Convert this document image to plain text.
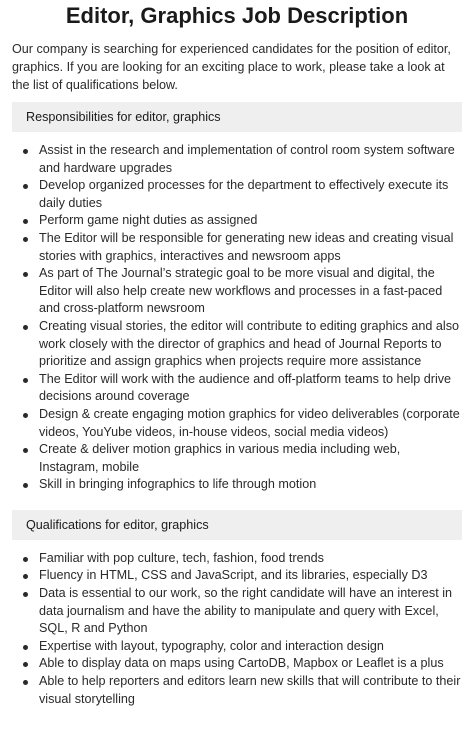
Editor, Graphics Job Description

Our company is searching for experienced candidates for the position of editor, graphics. If you are looking for an exciting place to work, please take a look at the list of qualifications below.

Responsibilities for editor, graphics
Assist in the research and implementation of control room system software and hardware upgrades
Develop organized processes for the department to effectively execute its daily duties
Perform game night duties as assigned
The Editor will be responsible for generating new ideas and creating visual stories with graphics, interactives and newsroom apps
As part of The Journal’s strategic goal to be more visual and digital, the Editor will also help create new workflows and processes in a fast-paced and cross-platform newsroom
Creating visual stories, the editor will contribute to editing graphics and also work closely with the director of graphics and head of Journal Reports to prioritize and assign graphics when projects require more assistance
The Editor will work with the audience and off-platform teams to help drive decisions around coverage
Design & create engaging motion graphics for video deliverables (corporate videos, YouYube videos, in-house videos, social media videos)
Create & deliver motion graphics in various media including web, Instagram, mobile
Skill in bringing infographics to life through motion
Qualifications for editor, graphics
Familiar with pop culture, tech, fashion, food trends
Fluency in HTML, CSS and JavaScript, and its libraries, especially D3
Data is essential to our work, so the right candidate will have an interest in data journalism and have the ability to manipulate and query with Excel, SQL, R and Python
Expertise with layout, typography, color and interaction design
Able to display data on maps using CartoDB, Mapbox or Leaflet is a plus
Able to help reporters and editors learn new skills that will contribute to their visual storytelling
